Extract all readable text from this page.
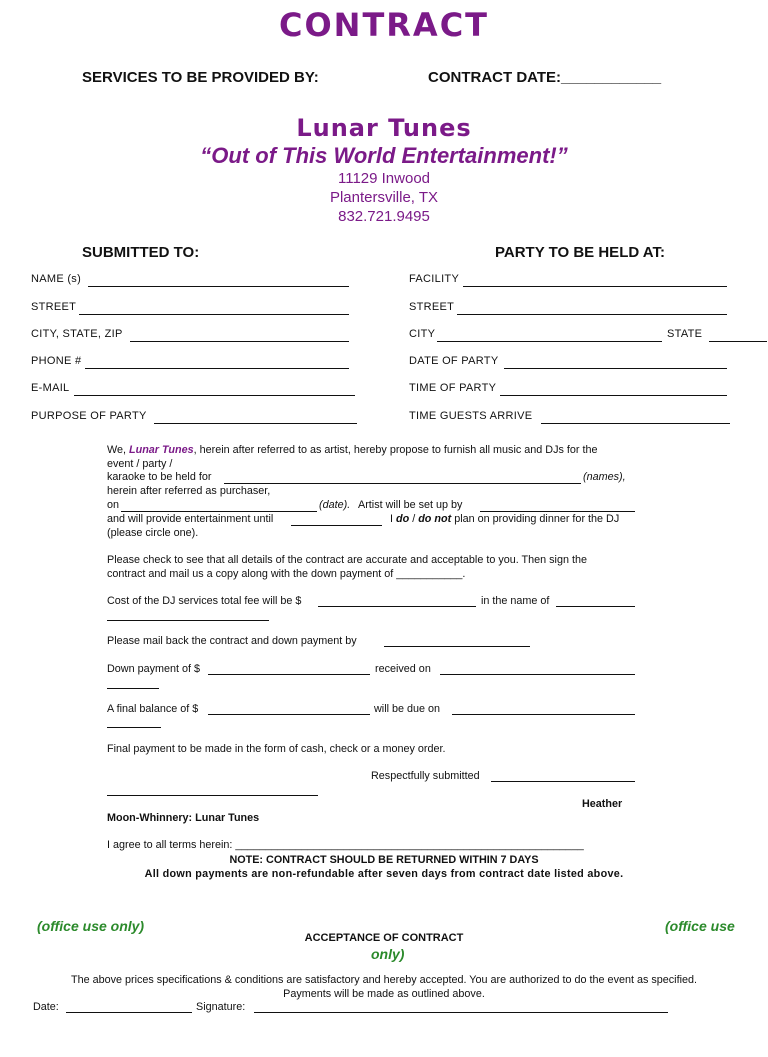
CONTRACT
SERVICES TO BE PROVIDED BY:	CONTRACT DATE:____________
Lunar Tunes
“Out of This World Entertainment!”
11129 Inwood
Plantersville, TX
832.721.9495
SUBMITTED TO:	PARTY TO BE HELD AT:
NAME (s)
STREET
CITY, STATE, ZIP
PHONE #
E-MAIL
PURPOSE OF PARTY
FACILITY
STREET
CITY	STATE
DATE OF PARTY
TIME OF PARTY
TIME GUESTS ARRIVE
We, Lunar Tunes, herein after referred to as artist, hereby propose to furnish all music and DJs for the
event / party /
karaoke to be held for	(names),
herein after referred as purchaser,
on	(date). Artist will be set up by
and will provide entertainment until	I do / do not plan on providing dinner for the DJ
(please circle one).
Please check to see that all details of the contract are accurate and acceptable to you. Then sign the
contract and mail us a copy along with the down payment of ___________.
Cost of the DJ services total fee will be $	in the name of
Please mail back the contract and down payment by
Down payment of $	received on
A final balance of $	will be due on
Final payment to be made in the form of cash, check or a money order.
Respectfully submitted
Heather
Moon-Whinnery: Lunar Tunes
I agree to all terms herein: __________________________________________________________
NOTE: CONTRACT SHOULD BE RETURNED WITHIN 7 DAYS
All down payments are non-refundable after seven days from contract date listed above.
(office use only)	(office use
ACCEPTANCE OF CONTRACT
only)
The above prices specifications & conditions are satisfactory and hereby accepted. You are authorized to do the event as specified.
Payments will be made as outlined above.
Date:	Signature:
